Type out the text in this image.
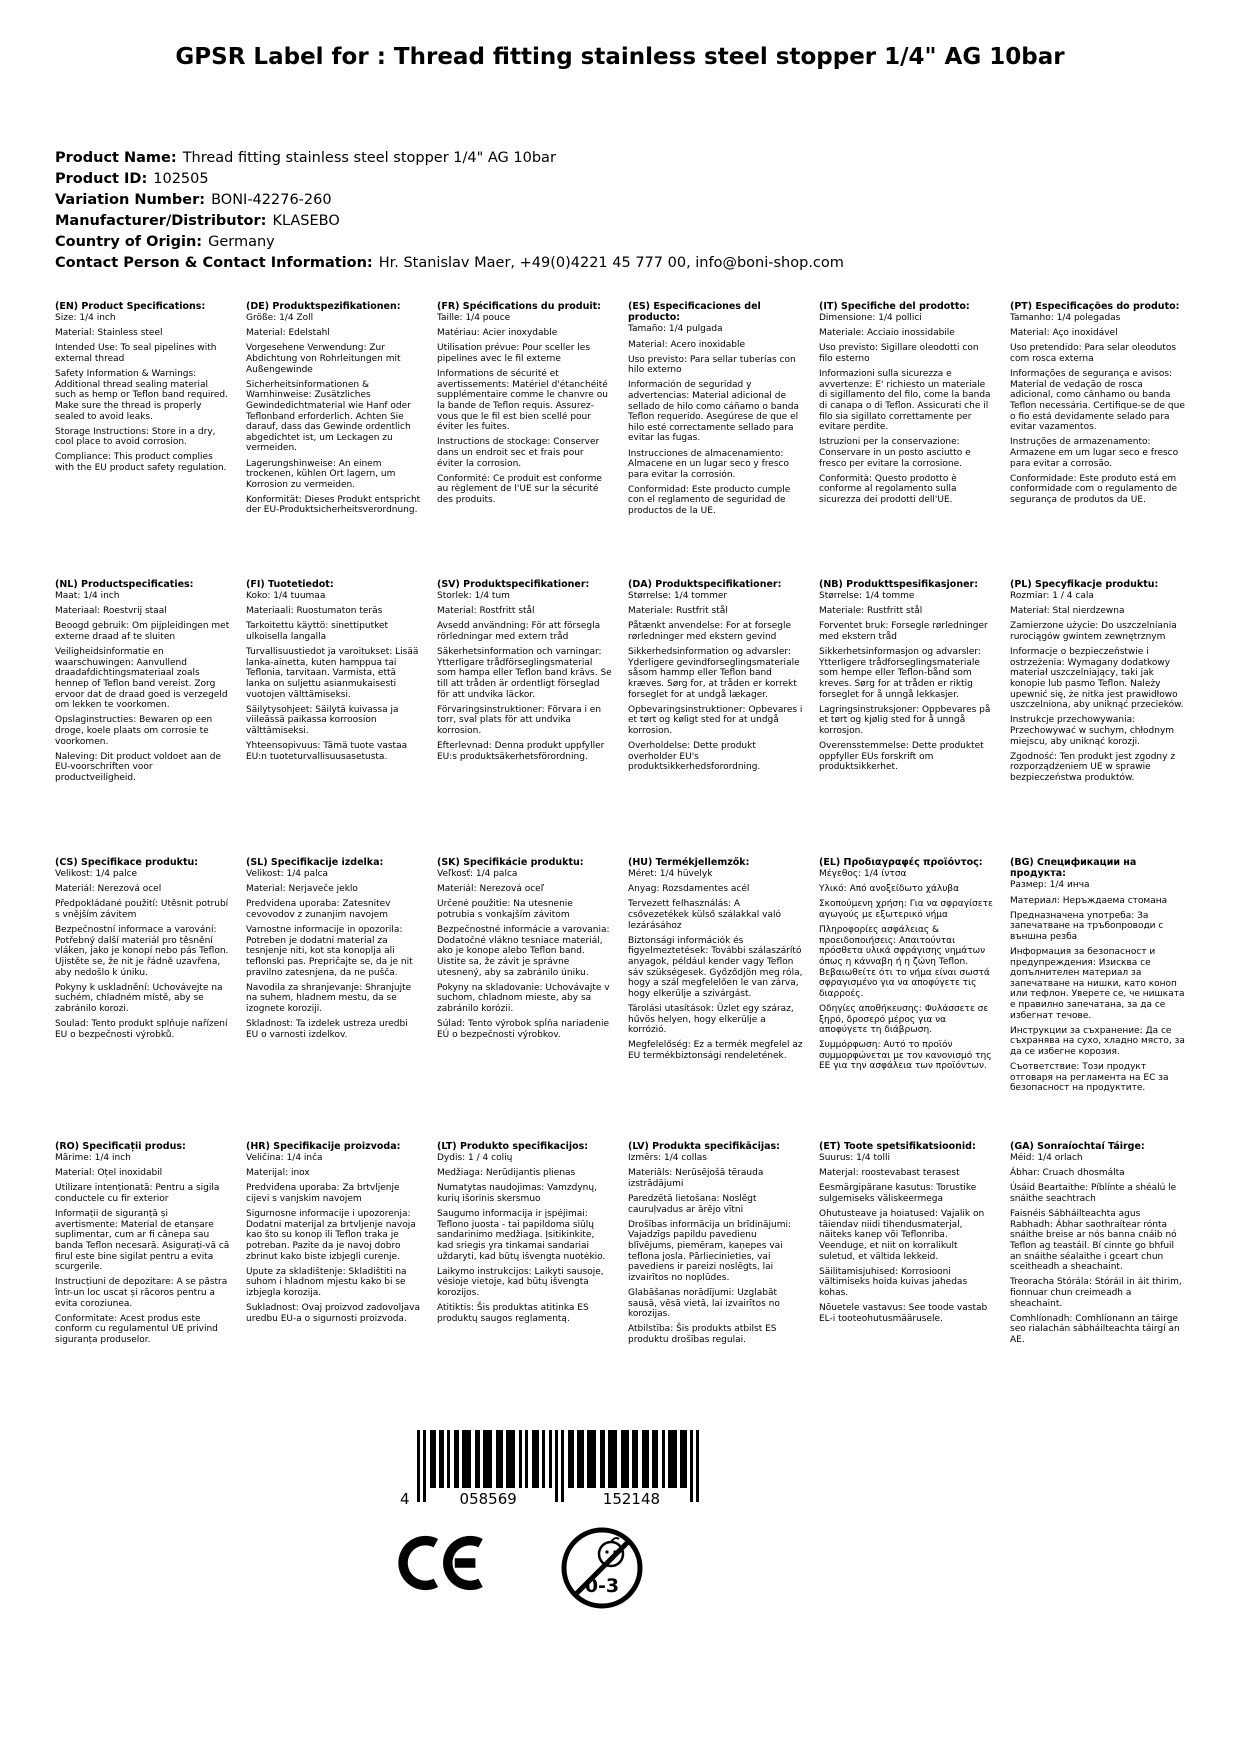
GPSR Label for : Thread fitting stainless steel stopper 1/4" AG 10bar
Product Name: Thread fitting stainless steel stopper 1/4" AG 10bar
Product ID: 102505
Variation Number: BONI-42276-260
Manufacturer/Distributor: KLASEBO
Country of Origin: Germany
Contact Person & Contact Information: Hr. Stanislav Maer, +49(0)4221 45 777 00, info@boni-shop.com
(EN) Product Specifications:

Size: 1/4 inch

Material: Stainless steel

Intended Use: To seal pipelines with external thread

Safety Information & Warnings: Additional thread sealing material such as hemp or Teflon band required. Make sure the thread is properly sealed to avoid leaks.

Storage Instructions: Store in a dry, cool place to avoid corrosion.

Compliance: This product complies with the EU product safety regulation.

(DE) Produktspezifikationen:

Größe: 1/4 Zoll

Material: Edelstahl

Vorgesehene Verwendung: Zur Abdichtung von Rohrleitungen mit Außengewinde

Sicherheitsinformationen & Warnhinweise: Zusätzliches Gewindedichtmaterial wie Hanf oder Teflonband erforderlich. Achten Sie darauf, dass das Gewinde ordentlich abgedichtet ist, um Leckagen zu vermeiden.

Lagerungshinweise: An einem trockenen, kühlen Ort lagern, um Korrosion zu vermeiden.

Konformität: Dieses Produkt entspricht der EU-Produktsicherheitsverordnung.

(FR) Spécifications du produit:

Taille: 1/4 pouce

Matériau: Acier inoxydable

Utilisation prévue: Pour sceller les pipelines avec le fil externe

Informations de sécurité et avertissements: Matériel d'étanchéité supplémentaire comme le chanvre ou la bande de Teflon requis. Assurez-vous que le fil est bien scellé pour éviter les fuites.

Instructions de stockage: Conserver dans un endroit sec et frais pour éviter la corrosion.

Conformité: Ce produit est conforme au règlement de l'UE sur la sécurité des produits.

(ES) Especificaciones del producto:

Tamaño: 1/4 pulgada

Material: Acero inoxidable

Uso previsto: Para sellar tuberías con hilo externo

Información de seguridad y advertencias: Material adicional de sellado de hilo como cáñamo o banda Teflon requerido. Asegúrese de que el hilo esté correctamente sellado para evitar las fugas.

Instrucciones de almacenamiento: Almacene en un lugar seco y fresco para evitar la corrosión.

Conformidad: Este producto cumple con el reglamento de seguridad de productos de la UE.

(IT) Specifiche del prodotto:

Dimensione: 1/4 pollici

Materiale: Acciaio inossidabile

Uso previsto: Sigillare oleodotti con filo esterno

Informazioni sulla sicurezza e avvertenze: E' richiesto un materiale di sigillamento del filo, come la banda di canapa o di Teflon. Assicurati che il filo sia sigillato correttamente per evitare perdite.

Istruzioni per la conservazione: Conservare in un posto asciutto e fresco per evitare la corrosione.

Conformità: Questo prodotto è conforme al regolamento sulla sicurezza dei prodotti dell'UE.

(PT) Especificações do produto:

Tamanho: 1/4 polegadas

Material: Aço inoxidável

Uso pretendido: Para selar oleodutos com rosca externa

Informações de segurança e avisos: Material de vedação de rosca adicional, como cânhamo ou banda Teflon necessária. Certifique-se de que o fio está devidamente selado para evitar vazamentos.

Instruções de armazenamento: Armazene em um lugar seco e fresco para evitar a corrosão.

Conformidade: Este produto está em conformidade com o regulamento de segurança de produtos da UE.

(NL) Productspecificaties:

Maat: 1/4 inch

Materiaal: Roestvrij staal

Beoogd gebruik: Om pijpleidingen met externe draad af te sluiten

Veiligheidsinformatie en waarschuwingen: Aanvullend draadafdichtingsmateriaal zoals hennep of Teflon band vereist. Zorg ervoor dat de draad goed is verzegeld om lekken te voorkomen.

Opslaginstructies: Bewaren op een droge, koele plaats om corrosie te voorkomen.

Naleving: Dit product voldoet aan de EU-voorschriften voor productveiligheid.

(FI) Tuotetiedot:

Koko: 1/4 tuumaa

Materiaali: Ruostumaton teräs

Tarkoitettu käyttö: sinettiputket ulkoisella langalla

Turvallisuustiedot ja varoitukset: Lisää lanka-ainetta, kuten hamppua tai Teflonia, tarvitaan. Varmista, että lanka on suljettu asianmukaisesti vuotojen välttämiseksi.

Säilytysohjeet: Säilytä kuivassa ja viileässä paikassa korroosion välttämiseksi.

Yhteensopivuus: Tämä tuote vastaa EU:n tuoteturvallisuusasetusta.

(SV) Produktspecifikationer:

Storlek: 1/4 tum

Material: Rostfritt stål

Avsedd användning: För att försegla rörledningar med extern tråd

Säkerhetsinformation och varningar: Ytterligare trådförseglingsmaterial som hampa eller Teflon band krävs. Se till att tråden är ordentligt förseglad för att undvika läckor.

Förvaringsinstruktioner: Förvara i en torr, sval plats för att undvika korrosion.

Efterlevnad: Denna produkt uppfyller EU:s produktsäkerhetsförordning.

(DA) Produktspecifikationer:

Størrelse: 1/4 tommer

Materiale: Rustfrit stål

Påtænkt anvendelse: For at forsegle rørledninger med ekstern gevind

Sikkerhedsinformation og advarsler: Yderligere gevindforseglingsmateriale såsom hammp eller Teflon band kræves. Sørg for, at tråden er korrekt forseglet for at undgå lækager.

Opbevaringsinstruktioner: Opbevares i et tørt og køligt sted for at undgå korrosion.

Overholdelse: Dette produkt overholder EU's produktsikkerhedsforordning.

(NB) Produkttspesifikasjoner:

Størrelse: 1/4 tomme

Materiale: Rustfritt stål

Forventet bruk: Forsegle rørledninger med ekstern tråd

Sikkerhetsinformasjon og advarsler: Ytterligere trådforseglingsmateriale som hempe eller Teflon-bånd som kreves. Sørg for at tråden er riktig forseglet for å unngå lekkasjer.

Lagringsinstruksjoner: Oppbevares på et tørt og kjølig sted for å unngå korrosjon.

Overensstemmelse: Dette produktet oppfyller EUs forskrift om produktsikkerhet.

(PL) Specyfikacje produktu:

Rozmiar: 1 / 4 cala

Materiał: Stal nierdzewna

Zamierzone użycie: Do uszczelniania rurociągów gwintem zewnętrznym

Informacje o bezpieczeństwie i ostrzeżenia: Wymagany dodatkowy materiał uszczelniający, taki jak konopie lub pasmo Teflon. Należy upewnić się, że nitka jest prawidłowo uszczelniona, aby uniknąć przecieków.

Instrukcje przechowywania: Przechowywać w suchym, chłodnym miejscu, aby uniknąć korozji.

Zgodność: Ten produkt jest zgodny z rozporządzeniem UE w sprawie bezpieczeństwa produktów.

(CS) Specifikace produktu:

Velikost: 1/4 palce

Materiál: Nerezová ocel

Předpokládané použití: Utěsnit potrubí s vnějším závitem

Bezpečnostní informace a varování: Potřebný další materiál pro těsnění vláken, jako je konopí nebo pás Teflon. Ujistěte se, že nit je řádně uzavřena, aby nedošlo k úniku.

Pokyny k uskladnění: Uchovávejte na suchém, chladném místě, aby se zabránilo korozi.

Soulad: Tento produkt splňuje nařízení EU o bezpečnosti výrobků.

(SL) Specifikacije izdelka:

Velikost: 1/4 palca

Material: Nerjaveče jeklo

Predvidena uporaba: Zatesnitev cevovodov z zunanjim navojem

Varnostne informacije in opozorila: Potreben je dodatni material za tesnjenje niti, kot sta konoplja ali teflonski pas. Prepričajte se, da je nit pravilno zatesnjena, da ne pušča.

Navodila za shranjevanje: Shranjujte na suhem, hladnem mestu, da se izognete koroziji.

Skladnost: Ta izdelek ustreza uredbi EU o varnosti izdelkov.

(SK) Špecifikácie produktu:

Veľkosť: 1/4 palca

Materiál: Nerezová oceľ

Určené použitie: Na utesnenie potrubia s vonkajším závitom

Bezpečnostné informácie a varovania: Dodatočné vlákno tesniace materiál, ako je konope alebo Teflon band. Uistite sa, že závit je správne utesnený, aby sa zabránilo úniku.

Pokyny na skladovanie: Uchovávajte v suchom, chladnom mieste, aby sa zabránilo korózii.

Súlad: Tento výrobok spĺňa nariadenie EÚ o bezpečnosti výrobkov.

(HU) Termékjellemzők:

Méret: 1/4 hüvelyk

Anyag: Rozsdamentes acél

Tervezett felhasználás: A csővezetékek külső szálakkal való lezárásához

Biztonsági információk és figyelmeztetések: További szálaszárító anyagok, például kender vagy Teflon sáv szükségesek. Győződjön meg róla, hogy a szál megfelelően le van zárva, hogy elkerülje a szivárgást.

Tárolási utasítások: Üzlet egy száraz, hűvös helyen, hogy elkerülje a korrózió.

Megfelelőség: Ez a termék megfelel az EU termékbiztonsági rendeletének.

(EL) Προδιαγραφές προϊόντος:

Μέγεθος: 1/4 ίντσα

Υλικό: Από ανοξείδωτο χάλυβα

Σκοπούμενη χρήση: Για να σφραγίσετε αγωγούς με εξωτερικό νήμα

Πληροφορίες ασφάλειας & προειδοποιήσεις: Απαιτούνται πρόσθετα υλικά σφράγισης νημάτων όπως η κάνναβη ή η ζώνη Teflon. Βεβαιωθείτε ότι το νήμα είναι σωστά σφραγισμένο για να αποφύγετε τις διαρροές.

Οδηγίες αποθήκευσης: Φυλάσσετε σε ξηρό, δροσερό μέρος για να αποφύγετε τη διάβρωση.

Συμμόρφωση: Αυτό το προϊόν συμμορφώνεται με τον κανονισμό της ΕΕ για την ασφάλεια των προϊόντων.

(BG) Спецификации на продукта:

Размер: 1/4 инча

Материал: Неръждаема стомана

Предназначена употреба: За запечатване на тръбопроводи с външна резба

Информация за безопасност и предупреждения: Изисква се допълнителен материал за запечатване на нишки, като коноп или тефлон. Уверете се, че нишката е правилно запечатана, за да се избегнат течове.

Инструкции за съхранение: Да се съхранява на сухо, хладно място, за да се избегне корозия.

Съответствие: Този продукт отговаря на регламента на ЕС за безопасност на продуктите.

(RO) Specificații produs:

Mărime: 1/4 inch

Material: Oțel inoxidabil

Utilizare intenționată: Pentru a sigila conductele cu fir exterior

Informații de siguranță și avertismente: Material de etanșare suplimentar, cum ar fi cânepa sau banda Teflon necesară. Asigurați-vă că firul este bine sigilat pentru a evita scurgerile.

Instrucțiuni de depozitare: A se păstra într-un loc uscat și răcoros pentru a evita coroziunea.

Conformitate: Acest produs este conform cu regulamentul UE privind siguranța produselor.

(HR) Specifikacije proizvoda:

Veličina: 1/4 inča

Materijal: inox

Predviđena uporaba: Za brtvljenje cijevi s vanjskim navojem

Sigurnosne informacije i upozorenja: Dodatni materijal za brtvljenje navoja kao što su konop ili Teflon traka je potreban. Pazite da je navoj dobro zbrinut kako biste izbjegli curenje.

Upute za skladištenje: Skladištiti na suhom i hladnom mjestu kako bi se izbjegla korozija.

Sukladnost: Ovaj proizvod zadovoljava uredbu EU-a o sigurnosti proizvoda.

(LT) Produkto specifikacijos:

Dydis: 1 / 4 colių

Medžiaga: Nerūdijantis plienas

Numatytas naudojimas: Vamzdynų, kurių išorinis skersmuo

Saugumo informacija ir įspėjimai: Teflono juosta - tai papildoma siūlų sandarinimo medžiaga. Įsitikinkite, kad sriegis yra tinkamai sandariai uždaryti, kad būtų išvengta nuotėkio.

Laikymo instrukcijos: Laikyti sausoje, vėsioje vietoje, kad būtų išvengta korozijos.

Atitiktis: Šis produktas atitinka ES produktų saugos reglamentą.

(LV) Produkta specifikācijas:

Izmērs: 1/4 collas

Materiāls: Nerūsējošā tērauda izstrādājumi

Paredzētā lietošana: Noslēgt cauruļvadus ar ārējo vītni

Drošības informācija un brīdinājumi: Vajadzīgs papildu pavedienu blīvējums, piemēram, kaņepes vai teflona josla. Pārliecinieties, vai pavediens ir pareizi noslēgts, lai izvairītos no noplūdes.

Glabāšanas norādījumi: Uzglabāt sausā, vēsā vietā, lai izvairītos no korozijas.

Atbilstība: Šis produkts atbilst ES produktu drošības regulai.

(ET) Toote spetsifikatsioonid:

Suurus: 1/4 tolli

Materjal: roostevabast terasest

Eesmärgipärane kasutus: Torustike sulgemiseks väliskeermega

Ohutusteave ja hoiatused: Vajalik on täiendav niidi tihendusmaterjal, näiteks kanep või Teflonriba. Veenduge, et niit on korralikult suletud, et vältida lekkeid.

Säilitamisjuhised: Korrosiooni vältimiseks hoida kuivas jahedas kohas.

Nõuetele vastavus: See toode vastab EL-i tooteohutusmäärusele.

(GA) Sonraíochtaí Táirge:

Méid: 1/4 orlach

Ábhar: Cruach dhosmálta

Úsáid Beartaithe: Píblínte a shéalú le snáithe seachtrach

Faisnéis Sábháilteachta agus Rabhadh: Ábhar saothraítear rónta snáithe breise ar nós banna cnáib nó Teflon ag teastáil. Bí cinnte go bhfuil an snáithe séalaithe i gceart chun sceitheadh a sheachaint.

Treoracha Stórála: Stóráil in áit thirim, fionnuar chun creimeadh a sheachaint.

Comhlíonadh: Comhlíonann an táirge seo rialachán sábháilteachta táirgí an AE.

4	058569	152148
0-3
